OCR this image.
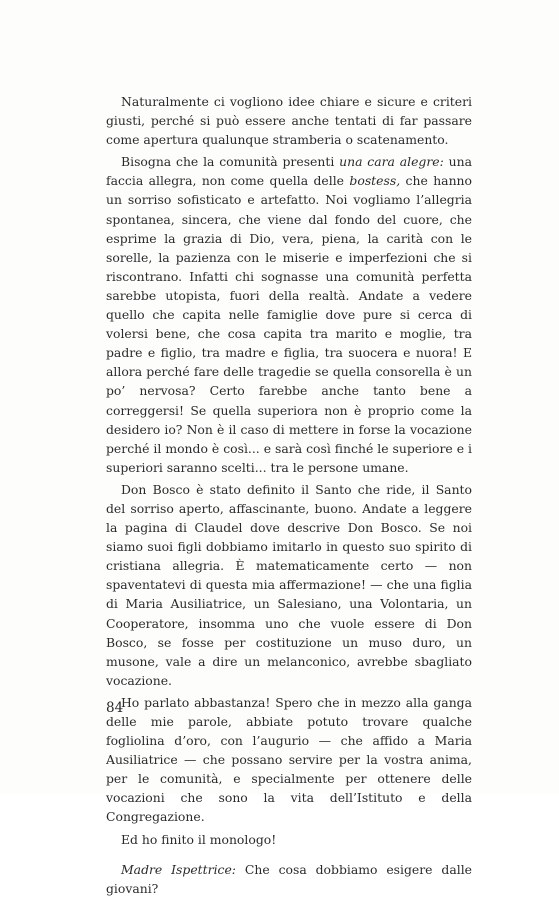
Naturalmente ci vogliono idee chiare e sicure e criteri giusti, perché si può essere anche tentati di far passare come apertura qualunque stramberia o scatenamento.

Bisogna che la comunità presenti una cara alegre: una faccia allegra, non come quella delle bostess, che hanno un sorriso sofisticato e artefatto. Noi vogliamo l’allegria spontanea, sincera, che viene dal fondo del cuore, che esprime la grazia di Dio, vera, piena, la carità con le sorelle, la pazienza con le miserie e imperfezioni che si riscontrano. Infatti chi sognasse una comunità perfetta sarebbe utopista, fuori della realtà. Andate a vedere quello che capita nelle famiglie dove pure si cerca di volersi bene, che cosa capita tra marito e moglie, tra padre e figlio, tra madre e figlia, tra suocera e nuora! E allora perché fare delle tragedie se quella consorella è un po’ nervosa? Certo farebbe anche tanto bene a correggersi! Se quella superiora non è proprio come la desidero io? Non è il caso di mettere in forse la vocazione perché il mondo è così... e sarà così finché le superiore e i superiori saranno scelti... tra le persone umane.

Don Bosco è stato definito il Santo che ride, il Santo del sorriso aperto, affascinante, buono. Andate a leggere la pagina di Claudel dove descrive Don Bosco. Se noi siamo suoi figli dobbiamo imitarlo in questo suo spirito di cristiana allegria. È matematicamente certo — non spaventatevi di questa mia affermazione! — che una figlia di Maria Ausiliatrice, un Salesiano, una Volontaria, un Cooperatore, insomma uno che vuole essere di Don Bosco, se fosse per costituzione un muso duro, un musone, vale a dire un melanconico, avrebbe sbagliato vocazione.

Ho parlato abbastanza! Spero che in mezzo alla ganga delle mie parole, abbiate potuto trovare qualche fogliolina d’oro, con l’augurio — che affido a Maria Ausiliatrice — che possano servire per la vostra anima, per le comunità, e specialmente per ottenere delle vocazioni che sono la vita dell’Istituto e della Congregazione.

Ed ho finito il monologo!

Madre Ispettrice: Che cosa dobbiamo esigere dalle giovani?

84
